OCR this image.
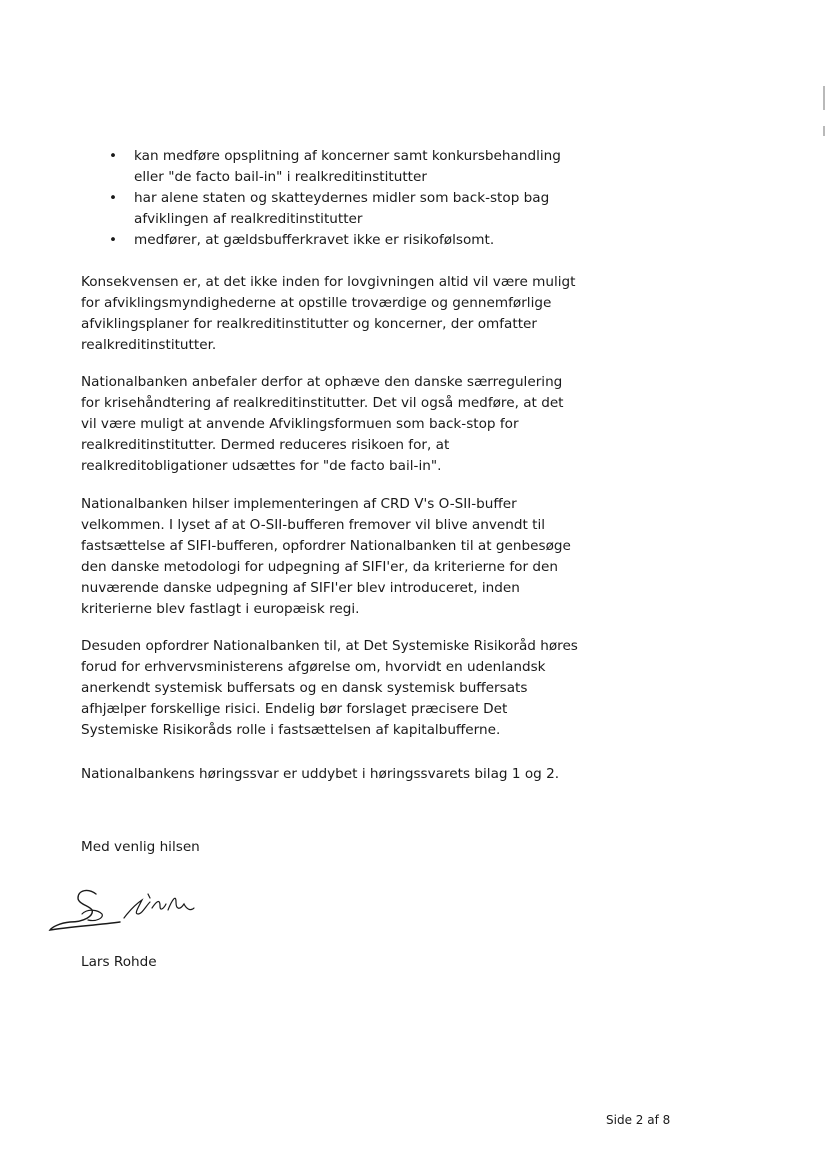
• kan medføre opsplitning af koncerner samt konkursbehandling eller "de facto bail-in" i realkreditinstitutter
• har alene staten og skatteydernes midler som back-stop bag afviklingen af realkreditinstitutter
• medfører, at gældsbufferkravet ikke er risikofølsomt.

Konsekvensen er, at det ikke inden for lovgivningen altid vil være muligt for afviklingsmyndighederne at opstille troværdige og gennemførlige afviklingsplaner for realkreditinstitutter og koncerner, der omfatter realkreditinstitutter.

Nationalbanken anbefaler derfor at ophæve den danske særregulering for krisehåndtering af realkreditinstitutter. Det vil også medføre, at det vil være muligt at anvende Afviklingsformuen som back-stop for realkreditinstitutter. Dermed reduceres risikoen for, at realkreditobligationer udsættes for "de facto bail-in".

Nationalbanken hilser implementeringen af CRD V's O-SII-buffer velkommen. I lyset af at O-SII-bufferen fremover vil blive anvendt til fastsættelse af SIFI-bufferen, opfordrer Nationalbanken til at genbesøge den danske metodologi for udpegning af SIFI'er, da kriterierne for den nuværende danske udpegning af SIFI'er blev introduceret, inden kriterierne blev fastlagt i europæisk regi.

Desuden opfordrer Nationalbanken til, at Det Systemiske Risikoråd høres forud for erhvervsministerens afgørelse om, hvorvidt en udenlandsk anerkendt systemisk buffersats og en dansk systemisk buffersats afhjælper forskellige risici. Endelig bør forslaget præcisere Det Systemiske Risikoråds rolle i fastsættelsen af kapitalbufferne.

Nationalbankens høringssvar er uddybet i høringssvarets bilag 1 og 2.

Med venlig hilsen
Lars Rohde
Side 2 af 8
